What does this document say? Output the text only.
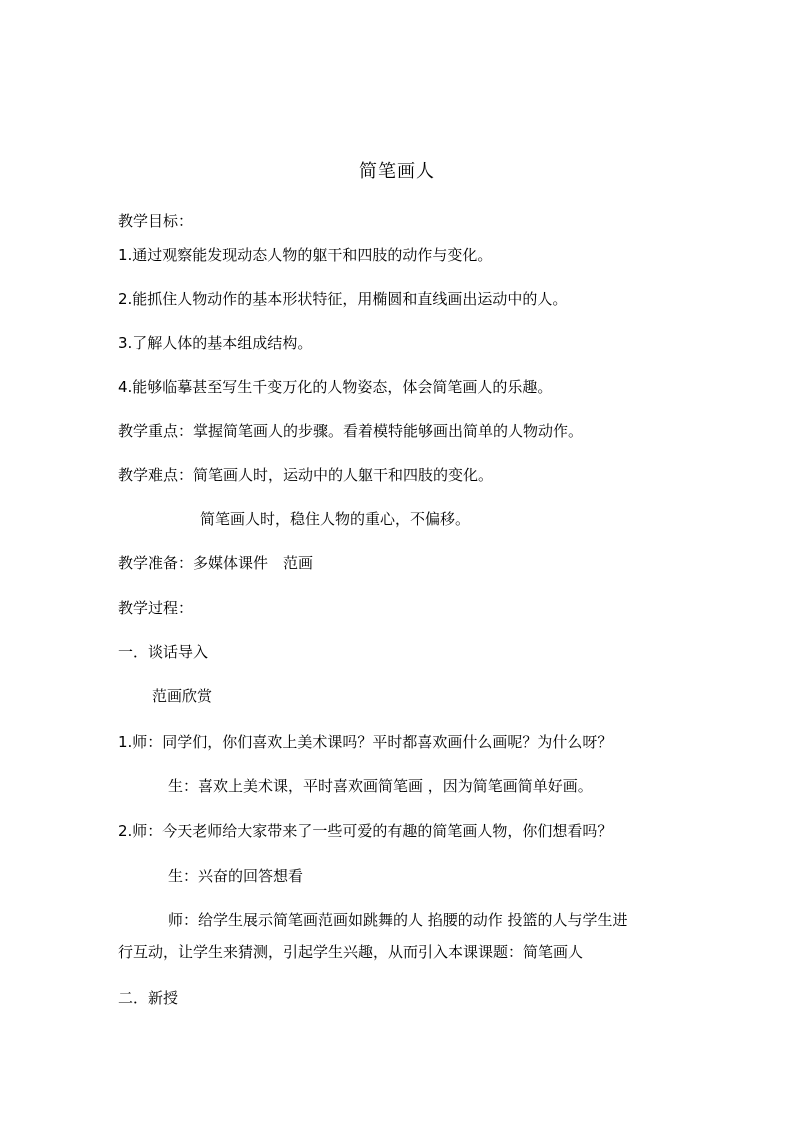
简笔画人
教学目标：
1.通过观察能发现动态人物的躯干和四肢的动作与变化。
2.能抓住人物动作的基本形状特征，用椭圆和直线画出运动中的人。
3.了解人体的基本组成结构。
4.能够临摹甚至写生千变万化的人物姿态，体会简笔画人的乐趣。
教学重点：掌握简笔画人的步骤。看着模特能够画出简单的人物动作。
教学难点：简笔画人时，运动中的人躯干和四肢的变化。
简笔画人时，稳住人物的重心，不偏移。
教学准备：多媒体课件　范画
教学过程：
一．谈话导入
范画欣赏
1.师：同学们，你们喜欢上美术课吗？平时都喜欢画什么画呢？为什么呀？
生：喜欢上美术课，平时喜欢画简笔画 ，因为简笔画简单好画。
2.师：今天老师给大家带来了一些可爱的有趣的简笔画人物，你们想看吗？
生：兴奋的回答想看
师：给学生展示简笔画范画如跳舞的人 掐腰的动作 投篮的人与学生进
行互动，让学生来猜测，引起学生兴趣，从而引入本课课题：简笔画人
二．新授
